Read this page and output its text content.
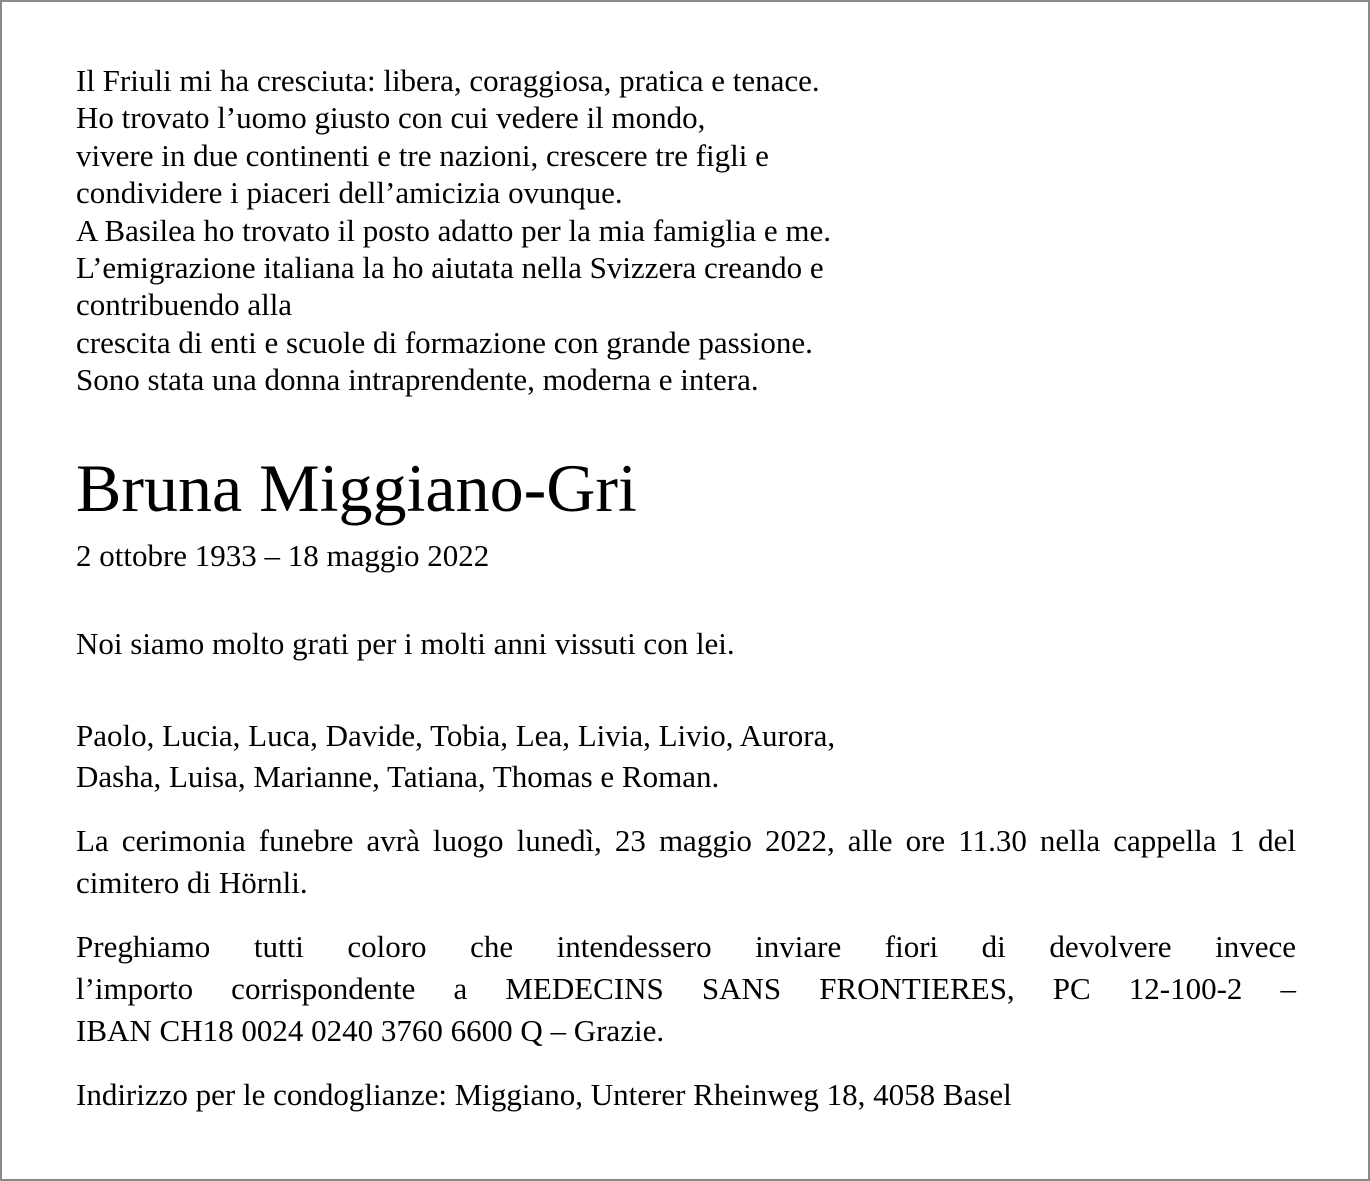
Il Friuli mi ha cresciuta: libera, coraggiosa, pratica e tenace.
Ho trovato l’uomo giusto con cui vedere il mondo,
vivere in due continenti e tre nazioni, crescere tre figli e
condividere i piaceri dell’amicizia ovunque.
A Basilea ho trovato il posto adatto per la mia famiglia e me.
L’emigrazione italiana la ho aiutata nella Svizzera creando e
contribuendo alla
crescita di enti e scuole di formazione con grande passione.
Sono stata una donna intraprendente, moderna e intera.
Bruna Miggiano-Gri
2 ottobre 1933 – 18 maggio 2022
Noi siamo molto grati per i molti anni vissuti con lei.
Paolo, Lucia, Luca, Davide, Tobia, Lea, Livia, Livio, Aurora,
Dasha, Luisa, Marianne, Tatiana, Thomas e Roman.
La cerimonia funebre avrà luogo lunedì, 23 maggio 2022, alle ore 11.30 nella cappella 1 del cimitero di Hörnli.
Preghiamo tutti coloro che intendessero inviare fiori di devolvere invece
l’importo corrispondente a MEDECINS SANS FRONTIERES, PC 12-100-2 –
IBAN CH18 0024 0240 3760 6600 Q – Grazie.
Indirizzo per le condoglianze: Miggiano, Unterer Rheinweg 18, 4058 Basel
